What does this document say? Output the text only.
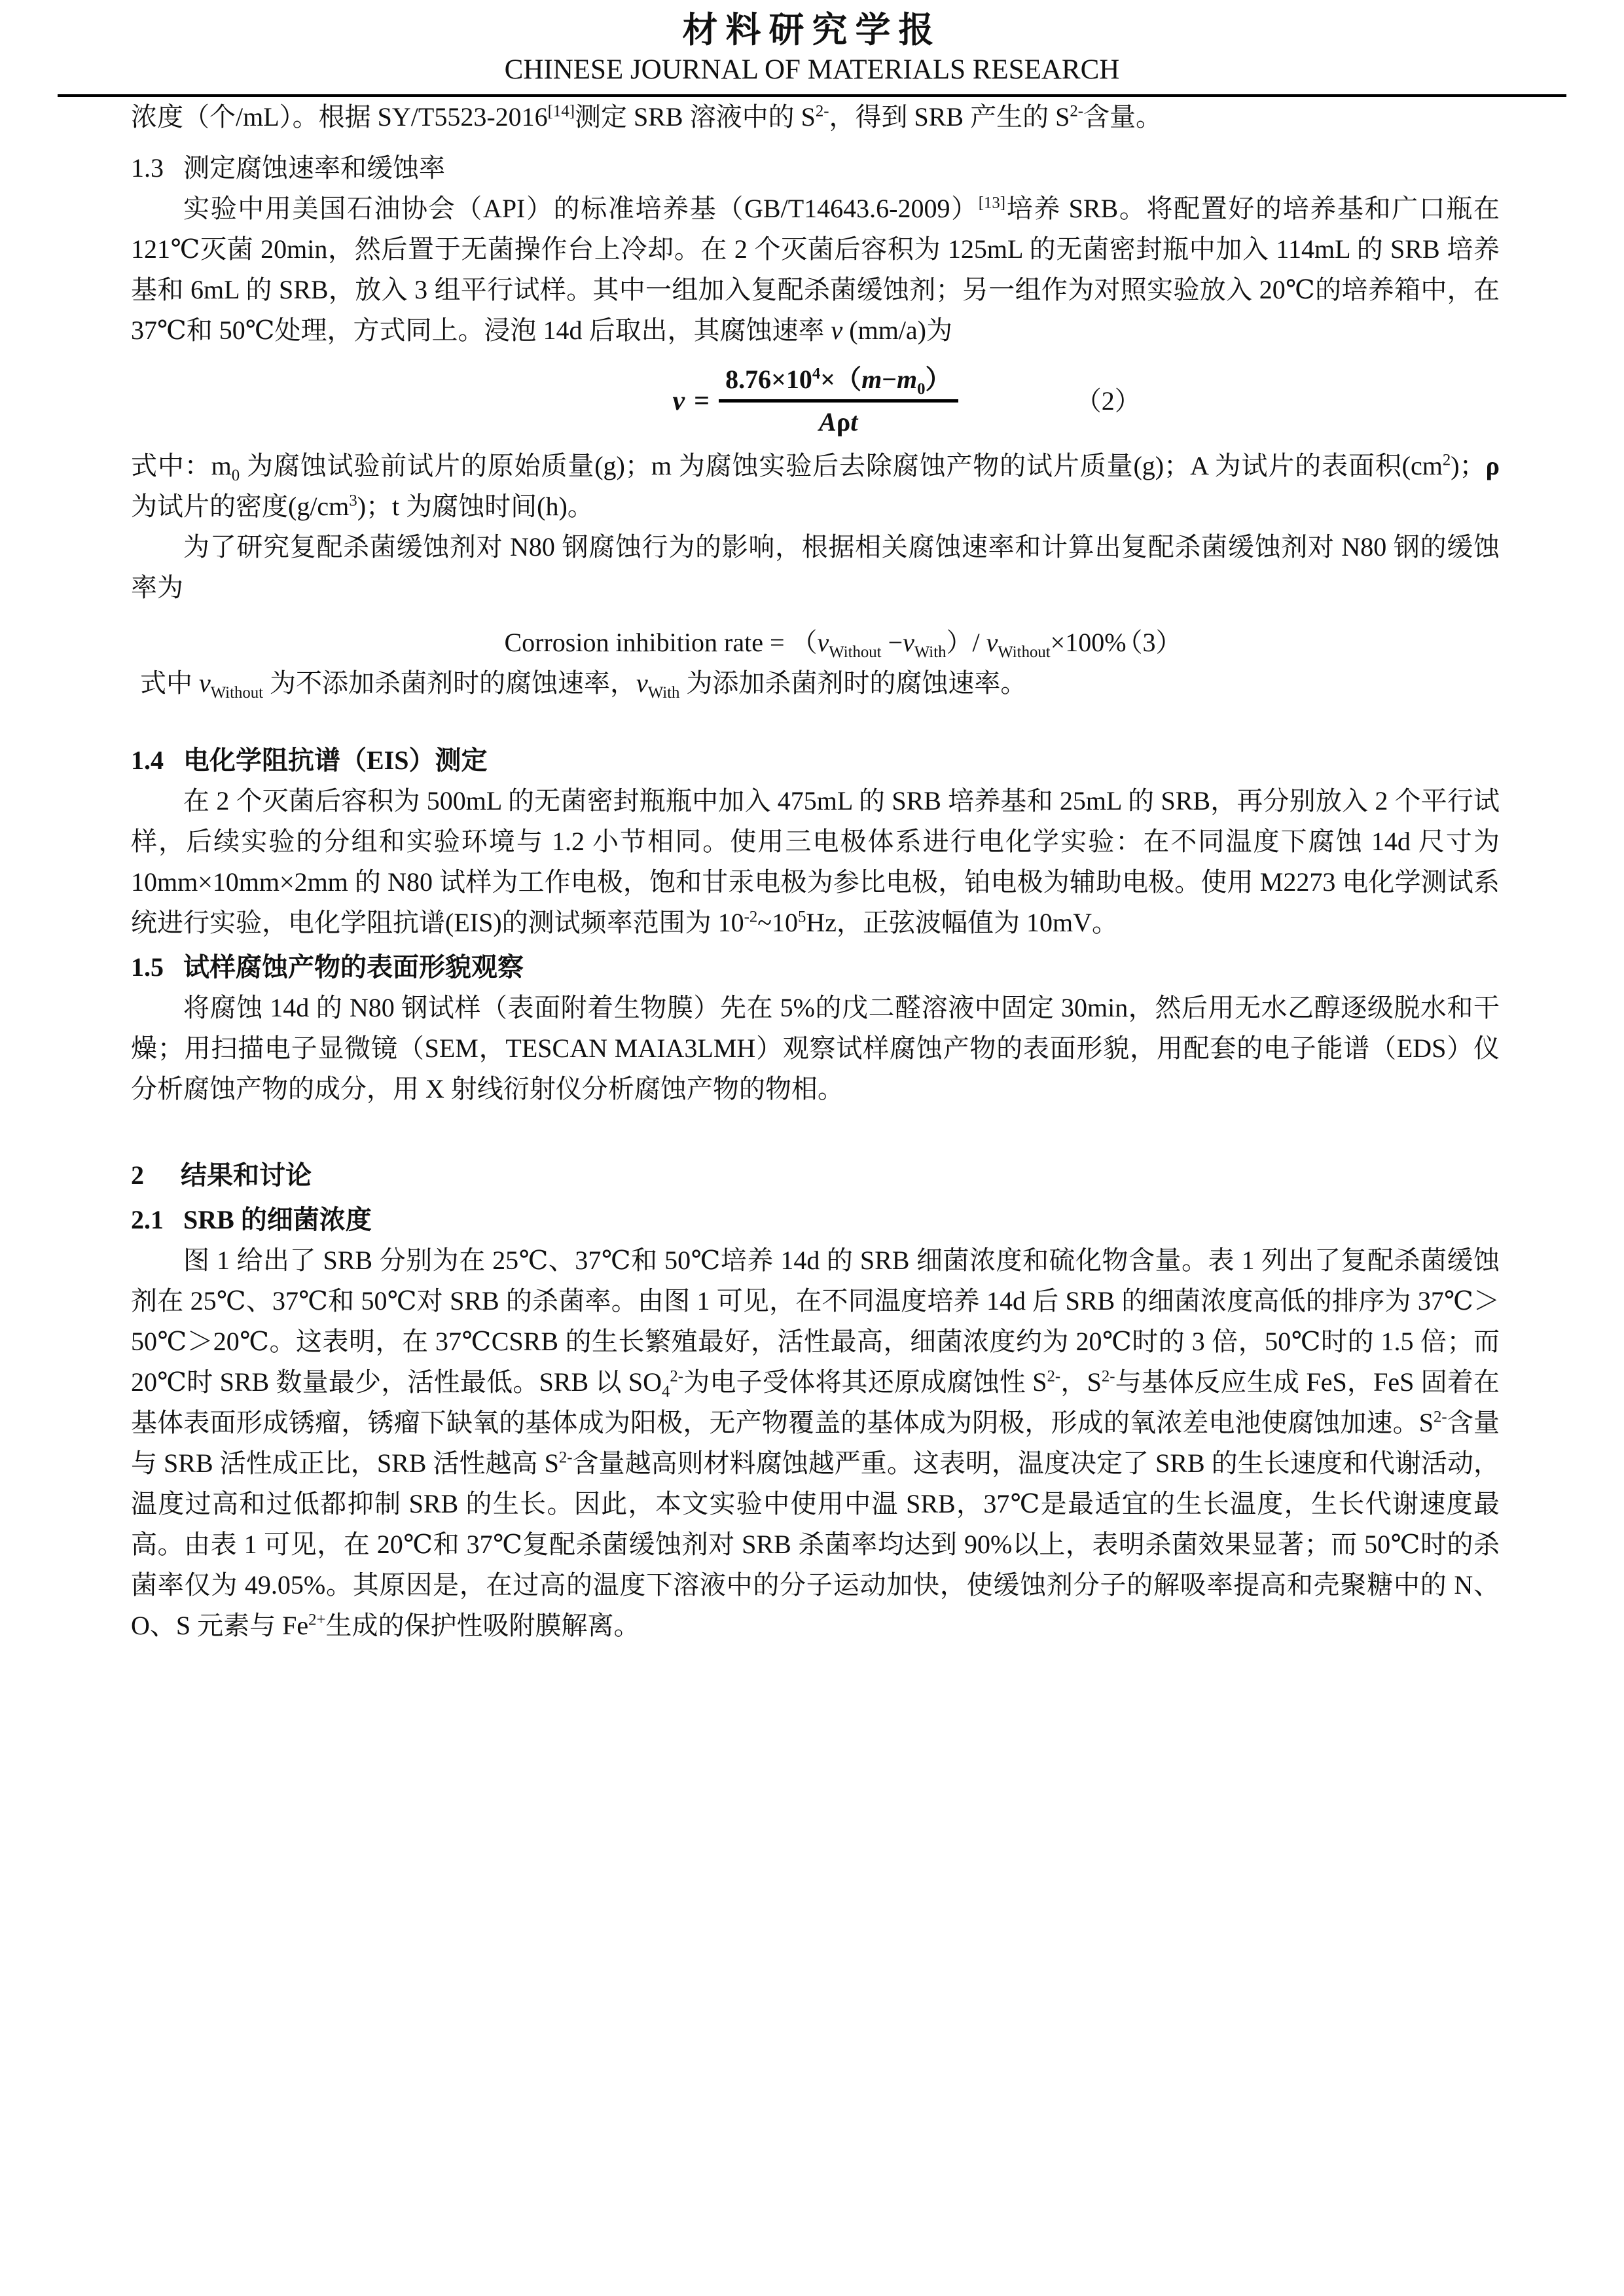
材料研究学报
CHINESE JOURNAL OF MATERIALS RESEARCH

浓度（个/mL）。根据 SY/T5523-2016[14]测定 SRB 溶液中的 $S^{2-}$，得到 SRB 产生的 $S^{2-}$含量。

1.3 测定腐蚀速率和缓蚀率

实验中用美国石油协会（API）的标准培养基（GB/T14643.6-2009）[13]培养 SRB。将配置好的培养基和广口瓶在 121℃灭菌 20min，然后置于无菌操作台上冷却。在 2 个灭菌后容积为 125mL 的无菌密封瓶中加入 114mL 的 SRB 培养基和 6mL 的 SRB，放入 3 组平行试样。其中一组加入复配杀菌缓蚀剂；另一组作为对照实验放入 20℃的培养箱中，在 37℃和 50℃处理，方式同上。浸泡 14d 后取出，其腐蚀速率 v (mm/a)为

$v = \frac{8.76\times 10^4\times(m-m_0)}{\text{Aρt}}$	（2）

式中：$m_0$ 为腐蚀试验前试片的原始质量(g)；m 为腐蚀实验后去除腐蚀产物的试片质量(g)；A 为试片的表面积$(cm^2)$；ρ为试片的密度$(g/cm^3)$；t 为腐蚀时间(h)。

为了研究复配杀菌缓蚀剂对 N80 钢腐蚀行为的影响，根据相关腐蚀速率和计算出复配杀菌缓蚀剂对 N80 钢的缓蚀率为

Corrosion inhibition rate = $(v_{Without} -v_{With})/$ $v_{Without}\times 100\%$
（3）

式中 $v_{Without}$ 为不添加杀菌剂时的腐蚀速率，$v_{With}$ 为添加杀菌剂时的腐蚀速率。

1.4 电化学阻抗谱（EIS）测定

在 2 个灭菌后容积为 500mL 的无菌密封瓶瓶中加入 475mL 的 SRB 培养基和 25mL 的 SRB，再分别放入 2 个平行试样，后续实验的分组和实验环境与 1.2 小节相同。使用三电极体系进行电化学实验：在不同温度下腐蚀 14d 尺寸为 10mm×10mm×2mm 的 N80 试样为工作电极，饱和甘汞电极为参比电极，铂电极为辅助电极。使用 M2273 电化学测试系统进行实验，电化学阻抗谱(EIS)的测试频率范围为 $10^{-2}\sim 10^5Hz$，正弦波幅值为 10mV。

1.5 试样腐蚀产物的表面形貌观察

将腐蚀 14d 的 N80 钢试样（表面附着生物膜）先在 5%的戊二醛溶液中固定 30min，然后用无水乙醇逐级脱水和干燥；用扫描电子显微镜（SEM，TESCAN MAIA3LMH）观察试样腐蚀产物的表面形貌，用配套的电子能谱（EDS）仪分析腐蚀产物的成分，用 X 射线衍射仪分析腐蚀产物的物相。

2 结果和讨论
2.1 SRB 的细菌浓度

图 1 给出了 SRB 分别为在 25℃、37℃和 50℃培养 14d 的 SRB 细菌浓度和硫化物含量。表 1 列出了复配杀菌缓蚀剂在 25℃、37℃和 50℃对 SRB 的杀菌率。由图 1 可见，在不同温度培养 14d 后 SRB 的细菌浓度高低的排序为 37℃＞50℃＞20℃。这表明，在 37℃CSRB 的生长繁殖最好，活性最高，细菌浓度约为 20℃时的 3 倍，50℃时的 1.5 倍；而 20℃时 SRB 数量最少，活性最低。SRB 以 $SO_4^{2-}$为电子受体将其还原成腐蚀性 $S^{2-}$，$S^{2-}$与基体反应生成 FeS，FeS 固着在基体表面形成锈瘤，锈瘤下缺氧的基体成为阳极，无产物覆盖的基体成为阴极，形成的氧浓差电池使腐蚀加速。$S^{2-}$含量与 SRB 活性成正比，SRB 活性越高 $S^{2-}$含量越高则材料腐蚀越严重。这表明，温度决定了 SRB 的生长速度和代谢活动，温度过高和过低都抑制 SRB 的生长。因此，本文实验中使用中温 SRB，37℃是最适宜的生长温度，生长代谢速度最高。由表 1 可见，在 20℃和 37℃复配杀菌缓蚀剂对 SRB 杀菌率均达到 90%以上，表明杀菌效果显著；而 50℃时的杀菌率仅为 49.05%。其原因是，在过高的温度下溶液中的分子运动加快，使缓蚀剂分子的解吸率提高和壳聚糖中的 N、O、S 元素与 $Fe^{2+}$生成的保护性吸附膜解离。
